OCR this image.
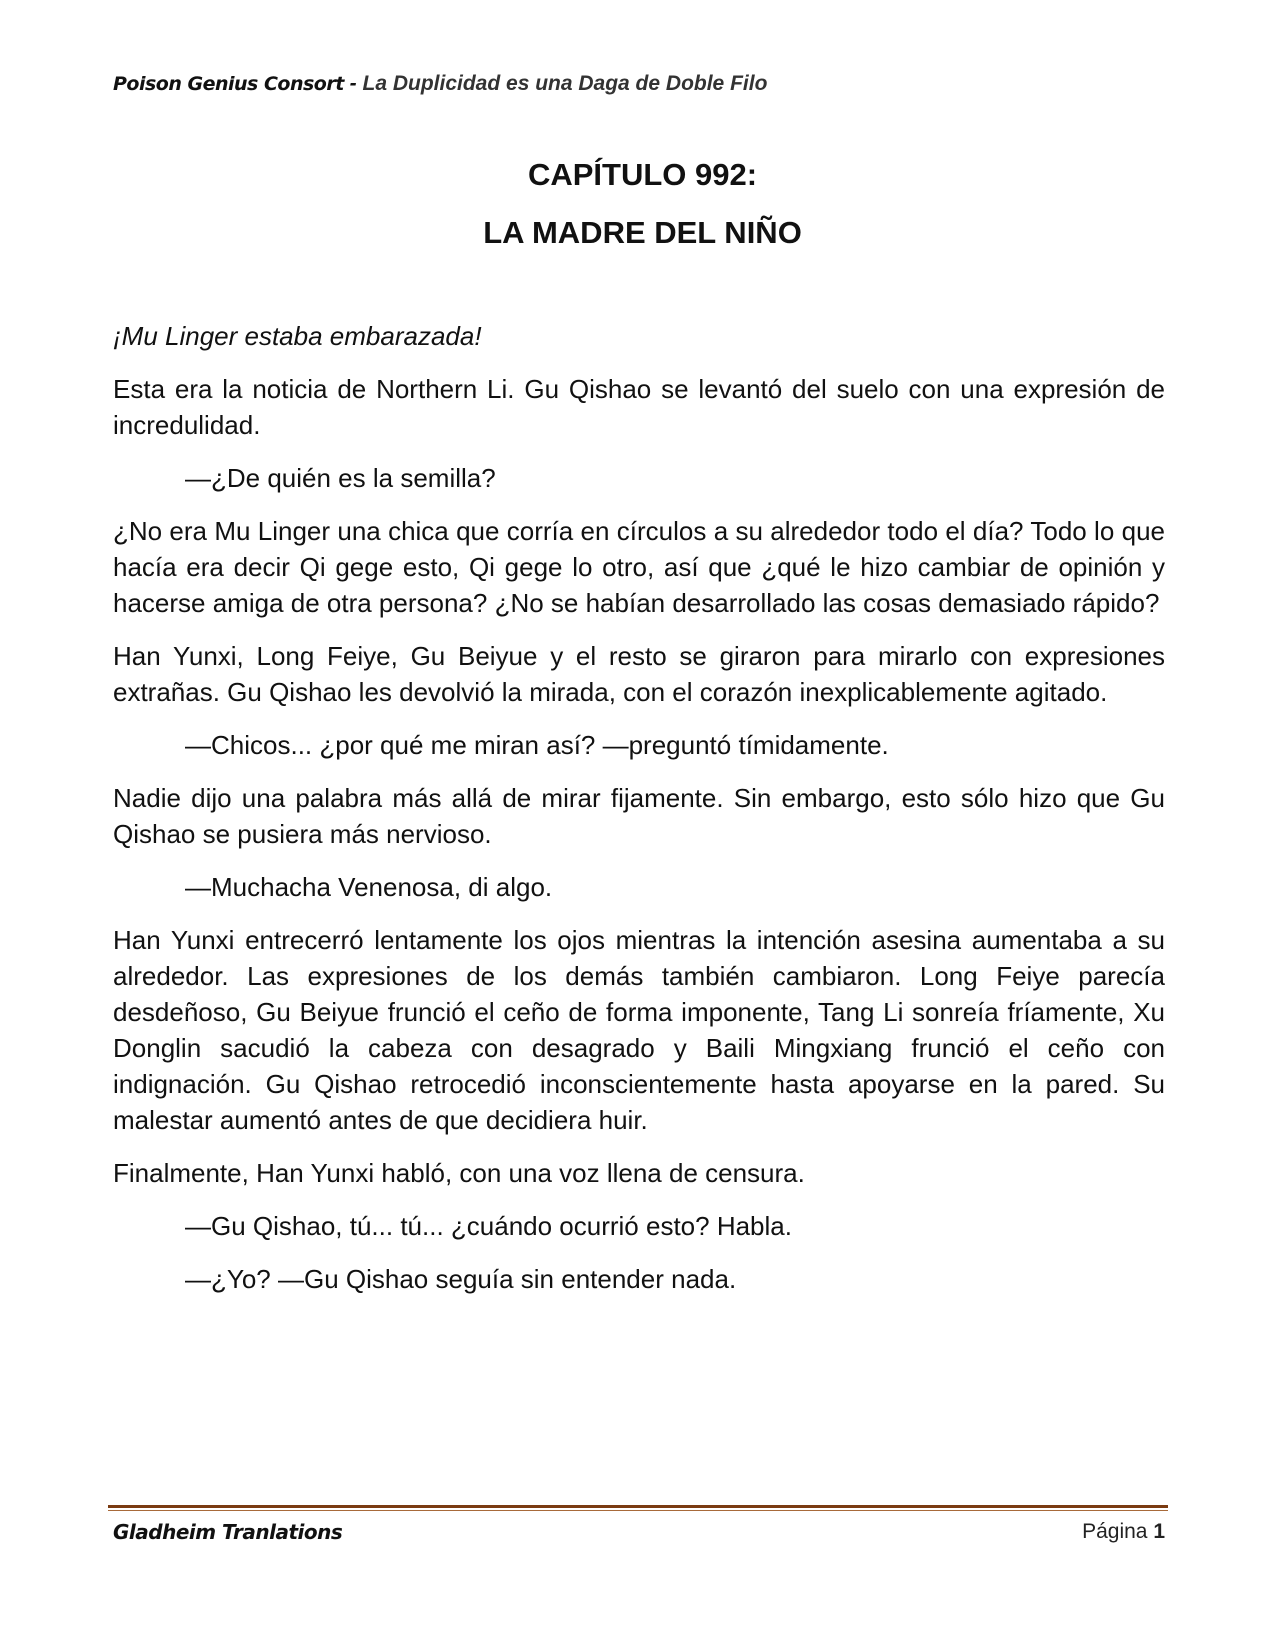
Poison Genius Consort - La Duplicidad es una Daga de Doble Filo
CAPÍTULO 992:
LA MADRE DEL NIÑO

¡Mu Linger estaba embarazada!

Esta era la noticia de Northern Li. Gu Qishao se levantó del suelo con una expresión de incredulidad.

—¿De quién es la semilla?

¿No era Mu Linger una chica que corría en círculos a su alrededor todo el día? Todo lo que hacía era decir Qi gege esto, Qi gege lo otro, así que ¿qué le hizo cambiar de opinión y hacerse amiga de otra persona? ¿No se habían desarrollado las cosas demasiado rápido?

Han Yunxi, Long Feiye, Gu Beiyue y el resto se giraron para mirarlo con expresiones extrañas. Gu Qishao les devolvió la mirada, con el corazón inexplicablemente agitado.

—Chicos... ¿por qué me miran así? —preguntó tímidamente.

Nadie dijo una palabra más allá de mirar fijamente. Sin embargo, esto sólo hizo que Gu Qishao se pusiera más nervioso.

—Muchacha Venenosa, di algo.

Han Yunxi entrecerró lentamente los ojos mientras la intención asesina aumentaba a su alrededor. Las expresiones de los demás también cambiaron. Long Feiye parecía desdeñoso, Gu Beiyue frunció el ceño de forma imponente, Tang Li sonreía fríamente, Xu Donglin sacudió la cabeza con desagrado y Baili Mingxiang frunció el ceño con indignación. Gu Qishao retrocedió inconscientemente hasta apoyarse en la pared. Su malestar aumentó antes de que decidiera huir.

Finalmente, Han Yunxi habló, con una voz llena de censura.

—Gu Qishao, tú... tú... ¿cuándo ocurrió esto? Habla.

—¿Yo? —Gu Qishao seguía sin entender nada.

Gladheim Tranlations	Página 1
